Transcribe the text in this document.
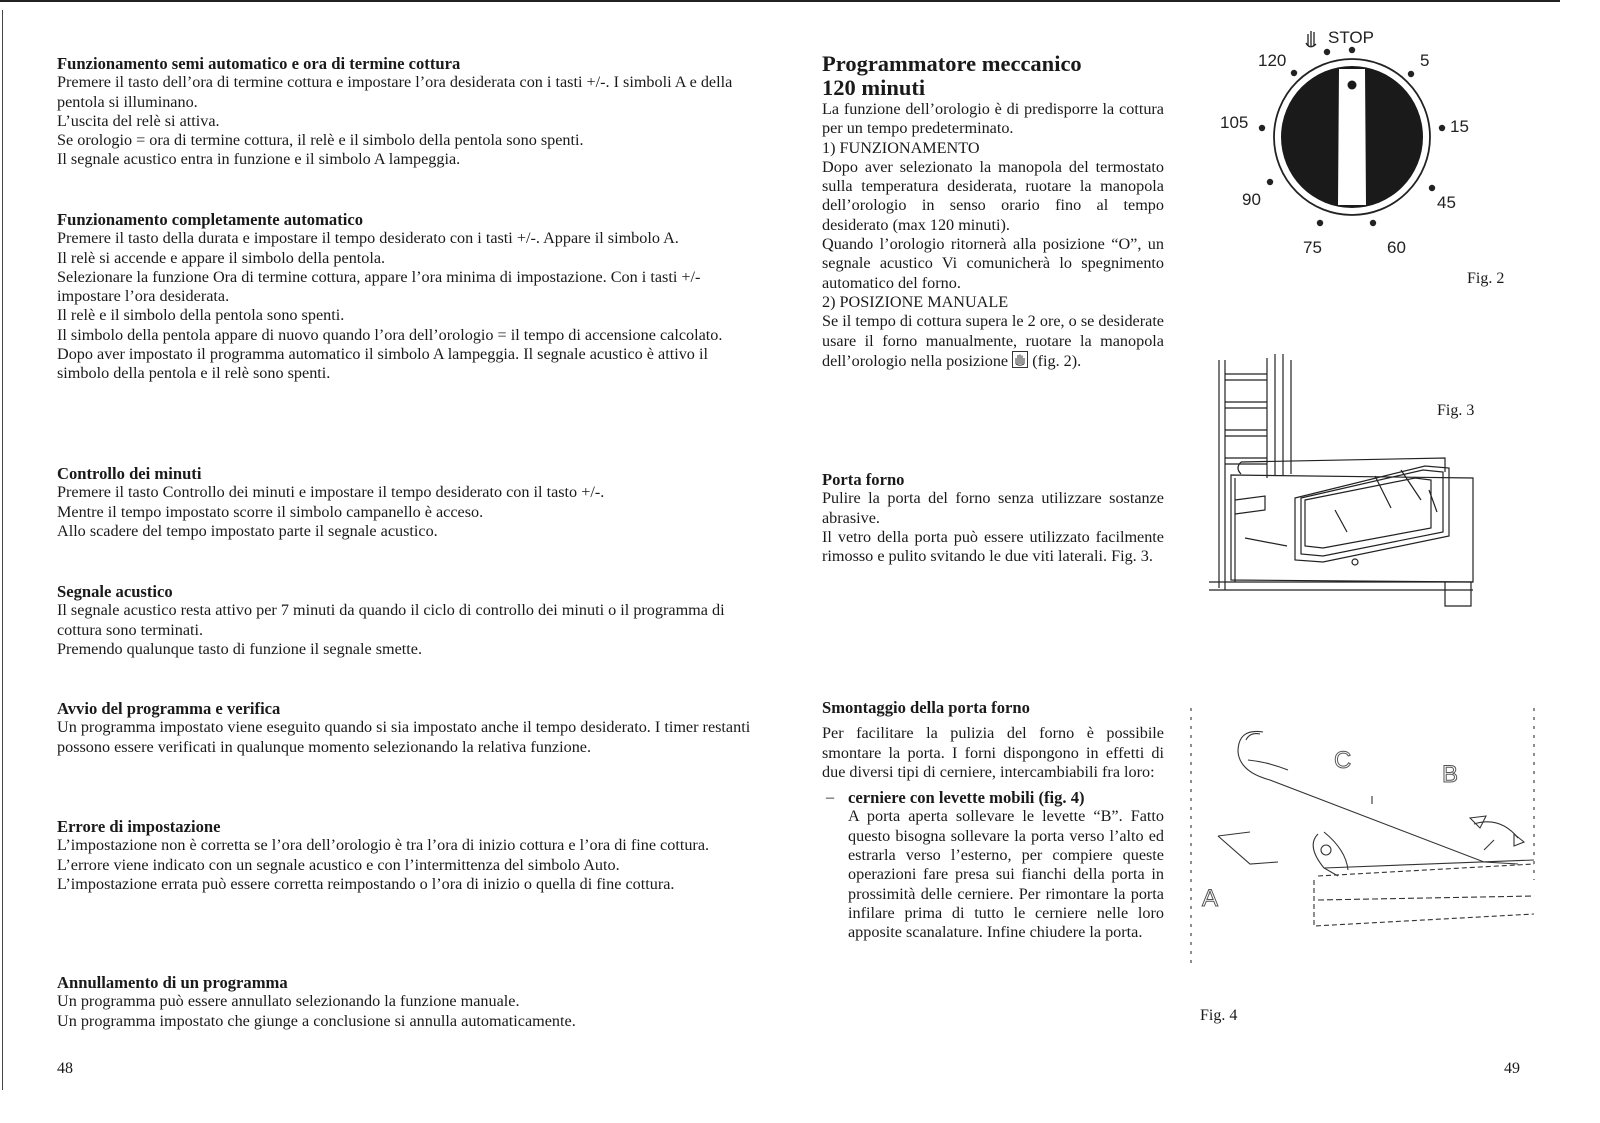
Funzionamento semi automatico e ora di termine cottura

Premere il tasto dell’ora di termine cottura e impostare l’ora desiderata con i tasti +/-. I simboli A e della pentola si illuminano.

L’uscita del relè si attiva.

Se orologio = ora di termine cottura, il relè e il simbolo della pentola sono spenti.

Il segnale acustico entra in funzione e il simbolo A lampeggia.

Funzionamento completamente automatico

Premere il tasto della durata e impostare il tempo desiderato con i tasti +/-. Appare il simbolo A.

Il relè si accende e appare il simbolo della pentola.

Selezionare la funzione Ora di termine cottura, appare l’ora minima di impostazione. Con i tasti +/- impostare l’ora desiderata.

Il relè e il simbolo della pentola sono spenti.

Il simbolo della pentola appare di nuovo quando l’ora dell’orologio = il tempo di accensione calcolato.

Dopo aver impostato il programma automatico il simbolo A lampeggia. Il segnale acustico è attivo il simbolo della pentola e il relè sono spenti.

Controllo dei minuti

Premere il tasto Controllo dei minuti e impostare il tempo desiderato con il tasto +/-.

Mentre il tempo impostato scorre il simbolo campanello è acceso.

Allo scadere del tempo impostato parte il segnale acustico.

Segnale acustico

Il segnale acustico resta attivo per 7 minuti da quando il ciclo di controllo dei minuti o il programma di cottura sono terminati.

Premendo qualunque tasto di funzione il segnale smette.

Avvio del programma e verifica

Un programma impostato viene eseguito quando si sia impostato anche il tempo desiderato. I timer restanti possono essere verificati in qualunque momento selezionando la relativa funzione.

Errore di impostazione

L’impostazione non è corretta se l’ora dell’orologio è tra l’ora di inizio cottura e l’ora di fine cottura.

L’errore viene indicato con un segnale acustico e con l’intermittenza del simbolo Auto.

L’impostazione errata può essere corretta reimpostando o l’ora di inizio o quella di fine cottura.

Annullamento di un programma

Un programma può essere annullato selezionando la funzione manuale.

Un programma impostato che giunge a conclusione si annulla automaticamente.

48

Programmatore meccanico

120 minuti

La funzione dell’orologio è di predisporre la cottura per un tempo predeterminato.

1) FUNZIONAMENTO

Dopo aver selezionato la manopola del termostato sulla temperatura desiderata, ruotare la manopola dell’orologio in senso orario fino al tempo desiderato (max 120 minuti).

Quando l’orologio ritornerà alla posizione “O”, un segnale acustico Vi comunicherà lo spegnimento automatico del forno.

2) POSIZIONE MANUALE

Se il tempo di cottura supera le 2 ore, o se desiderate usare il forno manualmente, ruotare la manopola dell’orologio nella posizione (fig. 2).

Porta forno

Pulire la porta del forno senza utilizzare sostanze abrasive.

Il vetro della porta può essere utilizzato facilmente rimosso e pulito svitando le due viti laterali. Fig. 3.

Smontaggio della porta forno

Per facilitare la pulizia del forno è possibile smontare la porta. I forni dispongono in effetti di due diversi tipi di cerniere, intercambiabili fra loro:

– cerniere con levette mobili (fig. 4)

A porta aperta sollevare le levette “B”. Fatto questo bisogna sollevare la porta verso l’alto ed estrarla verso l’esterno, per compiere queste operazioni fare presa sui fianchi della porta in prossimità delle cerniere. Per rimontare la porta infilare prima di tutto le cerniere nelle loro apposite scanalature. Infine chiudere la porta.

STOP
5
15
45
60
75
90
105
120
Fig. 2
Fig. 3
C
B
A
Fig. 4
49
